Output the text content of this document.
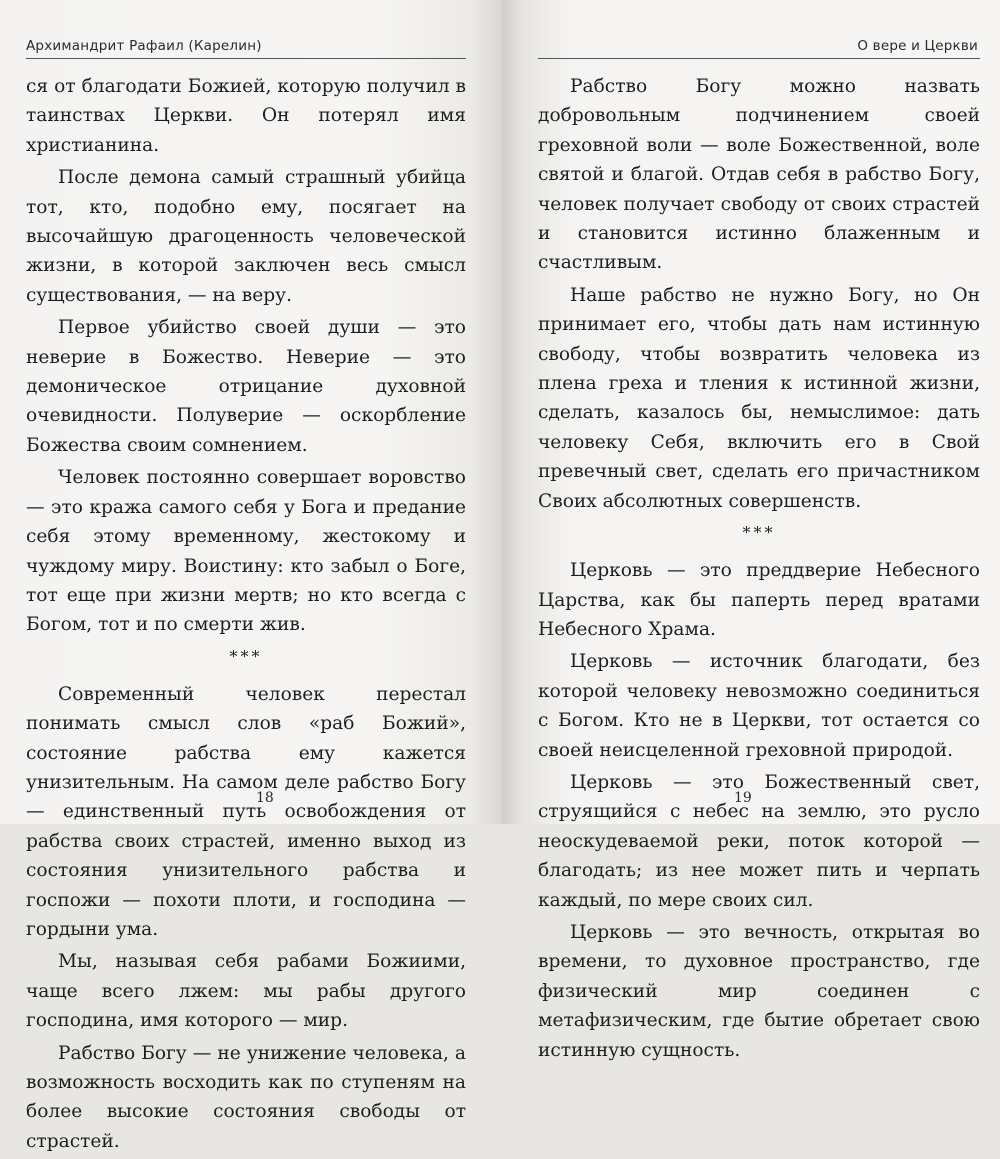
Архимандрит Рафаил (Карелин)

ся от благодати Божией, которую получил в таинствах Церкви. Он потерял имя христианина.

После демона самый страшный убийца тот, кто, подобно ему, посягает на высочайшую драгоценность человеческой жизни, в которой заключен весь смысл существования, — на веру.

Первое убийство своей души — это неверие в Божество. Неверие — это демоническое отрицание духовной очевидности. Полуверие — оскорбление Божества своим сомнением.

Человек постоянно совершает воровство — это кража самого себя у Бога и предание себя этому временному, жестокому и чуждому миру. Воистину: кто забыл о Боге, тот еще при жизни мертв; но кто всегда с Богом, тот и по смерти жив.

***

Современный человек перестал понимать смысл слов «раб Божий», состояние рабства ему кажется унизительным. На самом деле рабство Богу — единственный путь освобождения от рабства своих страстей, именно выход из состояния унизительного рабства и госпожи — похоти плоти, и господина — гордыни ума.

Мы, называя себя рабами Божиими, чаще всего лжем: мы рабы другого господина, имя которого — мир.

Рабство Богу — не унижение человека, а возможность восходить как по ступеням на более высокие состояния свободы от страстей.

18
О вере и Церкви

Рабство Богу можно назвать добровольным подчинением своей греховной воли — воле Божественной, воле святой и благой. Отдав себя в рабство Богу, человек получает свободу от своих страстей и становится истинно блаженным и счастливым.

Наше рабство не нужно Богу, но Он принимает его, чтобы дать нам истинную свободу, чтобы возвратить человека из плена греха и тления к истинной жизни, сделать, казалось бы, немыслимое: дать человеку Себя, включить его в Свой превечный свет, сделать его причастником Своих абсолютных совершенств.

***

Церковь — это преддверие Небесного Царства, как бы паперть перед вратами Небесного Храма.

Церковь — источник благодати, без которой человеку невозможно соединиться с Богом. Кто не в Церкви, тот остается со своей неисцеленной греховной природой.

Церковь — это Божественный свет, струящийся с небес на землю, это русло неоскудеваемой реки, поток которой — благодать; из нее может пить и черпать каждый, по мере своих сил.

Церковь — это вечность, открытая во времени, то духовное пространство, где физический мир соединен с метафизическим, где бытие обретает свою истинную сущность.

19
